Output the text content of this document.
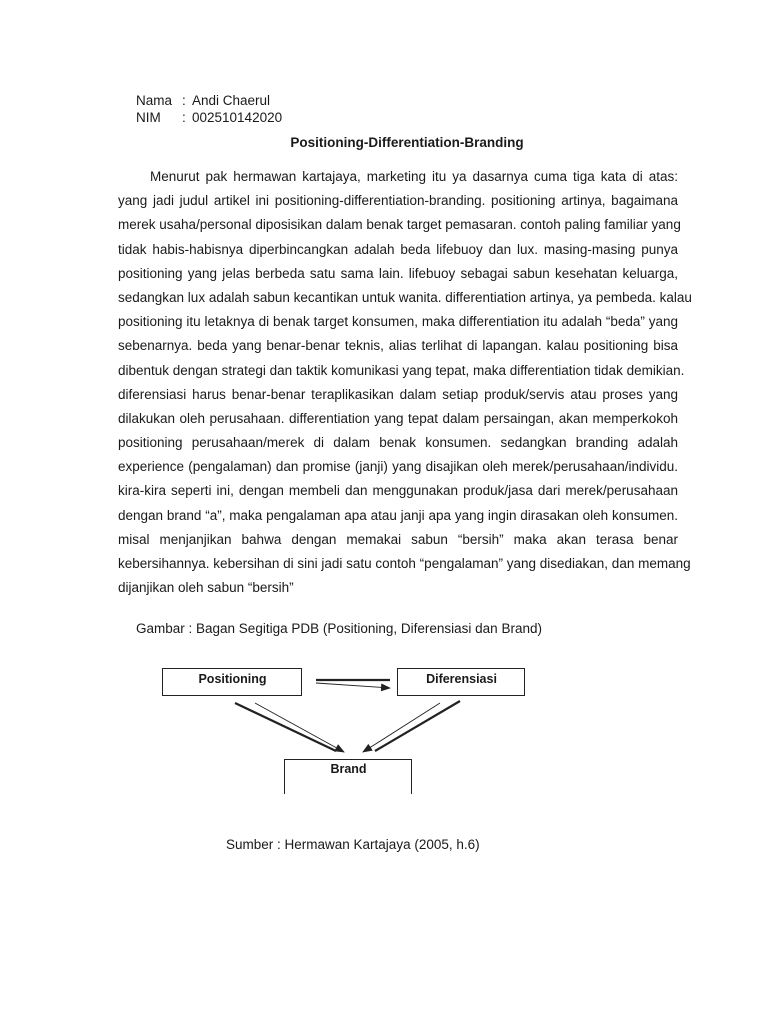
Nama : Andi Chaerul
NIM	: 002510142020
Positioning-Differentiation-Branding
Menurut pak hermawan kartajaya, marketing itu ya dasarnya cuma tiga kata di atas:
yang jadi judul artikel ini positioning-differentiation-branding. positioning artinya, bagaimana
merek usaha/personal diposisikan dalam benak target pemasaran. contoh paling familiar yang
tidak habis-habisnya diperbincangkan adalah beda lifebuoy dan lux. masing-masing punya
positioning yang jelas berbeda satu sama lain. lifebuoy sebagai sabun kesehatan keluarga,
sedangkan lux adalah sabun kecantikan untuk wanita. differentiation artinya, ya pembeda. kalau
positioning itu letaknya di benak target konsumen, maka differentiation itu adalah “beda” yang
sebenarnya. beda yang benar-benar teknis, alias terlihat di lapangan. kalau positioning bisa
dibentuk dengan strategi dan taktik komunikasi yang tepat, maka differentiation tidak demikian.
diferensiasi harus benar-benar teraplikasikan dalam setiap produk/servis atau proses yang
dilakukan oleh perusahaan. differentiation yang tepat dalam persaingan, akan memperkokoh
positioning perusahaan/merek di dalam benak konsumen. sedangkan branding adalah
experience (pengalaman) dan promise (janji) yang disajikan oleh merek/perusahaan/individu.
kira-kira seperti ini, dengan membeli dan menggunakan produk/jasa dari merek/perusahaan
dengan brand “a”, maka pengalaman apa atau janji apa yang ingin dirasakan oleh konsumen.
misal menjanjikan bahwa dengan memakai sabun “bersih” maka akan terasa benar
kebersihannya. kebersihan di sini jadi satu contoh “pengalaman” yang disediakan, dan memang
dijanjikan oleh sabun “bersih”
Gambar : Bagan Segitiga PDB (Positioning, Diferensiasi dan Brand)
Positioning	Diferensiasi
Brand
Sumber : Hermawan Kartajaya (2005, h.6)
